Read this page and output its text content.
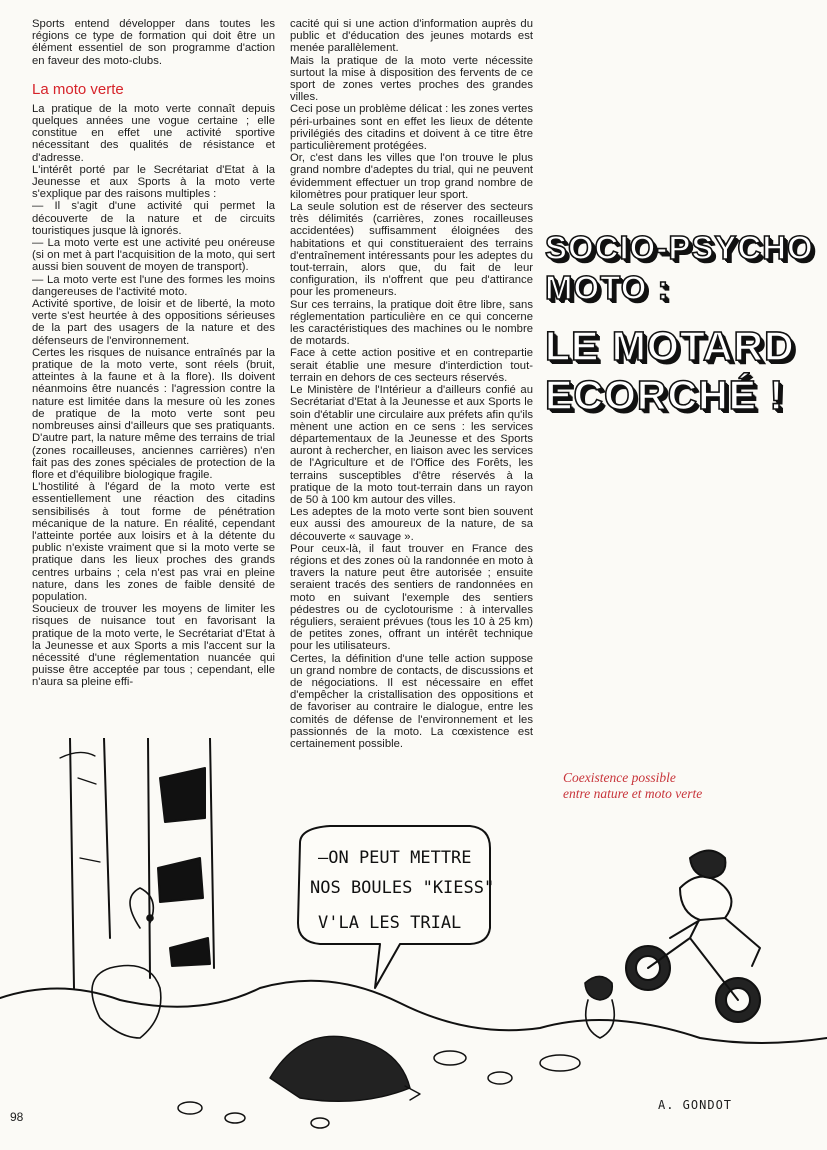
Sports entend développer dans toutes les régions ce type de formation qui doit être un élément essentiel de son programme d'action en faveur des moto-clubs.

La moto verte

La pratique de la moto verte connaît depuis quelques années une vogue certaine ; elle constitue en effet une activité sportive nécessitant des qualités de résistance et d'adresse.

L'intérêt porté par le Secrétariat d'Etat à la Jeunesse et aux Sports à la moto verte s'explique par des raisons multiples :

— Il s'agit d'une activité qui permet la découverte de la nature et de circuits touristiques jusque là ignorés.

— La moto verte est une activité peu onéreuse (si on met à part l'acquisition de la moto, qui sert aussi bien souvent de moyen de transport).

— La moto verte est l'une des formes les moins dangereuses de l'activité moto.

Activité sportive, de loisir et de liberté, la moto verte s'est heurtée à des oppositions sérieuses de la part des usagers de la nature et des défenseurs de l'environnement.

Certes les risques de nuisance entraînés par la pratique de la moto verte, sont réels (bruit, atteintes à la faune et à la flore). Ils doivent néanmoins être nuancés : l'agression contre la nature est limitée dans la mesure où les zones de pratique de la moto verte sont peu nombreuses ainsi d'ailleurs que ses pratiquants. D'autre part, la nature même des terrains de trial (zones rocailleuses, anciennes carrières) n'en fait pas des zones spéciales de protection de la flore et d'équilibre biologique fragile.

L'hostilité à l'égard de la moto verte est essentiellement une réaction des citadins sensibilisés à tout forme de pénétration mécanique de la nature. En réalité, cependant l'atteinte portée aux loisirs et à la détente du public n'existe vraiment que si la moto verte se pratique dans les lieux proches des grands centres urbains ; cela n'est pas vrai en pleine nature, dans les zones de faible densité de population.

Soucieux de trouver les moyens de limiter les risques de nuisance tout en favorisant la pratique de la moto verte, le Secrétariat d'Etat à la Jeunesse et aux Sports a mis l'accent sur la nécessité d'une réglementation nuancée qui puisse être acceptée par tous ; cependant, elle n'aura sa pleine effi-

cacité qui si une action d'information auprès du public et d'éducation des jeunes motards est menée parallèlement.

Mais la pratique de la moto verte nécessite surtout la mise à disposition des fervents de ce sport de zones vertes proches des grandes villes.

Ceci pose un problème délicat : les zones vertes péri-urbaines sont en effet les lieux de détente privilégiés des citadins et doivent à ce titre être particulièrement protégées.

Or, c'est dans les villes que l'on trouve le plus grand nombre d'adeptes du trial, qui ne peuvent évidemment effectuer un trop grand nombre de kilomètres pour pratiquer leur sport.

La seule solution est de réserver des secteurs très délimités (carrières, zones rocailleuses accidentées) suffisamment éloignées des habitations et qui constitueraient des terrains d'entraînement intéressants pour les adeptes du tout-terrain, alors que, du fait de leur configuration, ils n'offrent que peu d'attirance pour les promeneurs.

Sur ces terrains, la pratique doit être libre, sans réglementation particulière en ce qui concerne les caractéristiques des machines ou le nombre de motards.

Face à cette action positive et en contrepartie serait établie une mesure d'interdiction tout-terrain en dehors de ces secteurs réservés.

Le Ministère de l'Intérieur a d'ailleurs confié au Secrétariat d'Etat à la Jeunesse et aux Sports le soin d'établir une circulaire aux préfets afin qu'ils mènent une action en ce sens : les services départementaux de la Jeunesse et des Sports auront à rechercher, en liaison avec les services de l'Agriculture et de l'Office des Forêts, les terrains susceptibles d'être réservés à la pratique de la moto tout-terrain dans un rayon de 50 à 100 km autour des villes.

Les adeptes de la moto verte sont bien souvent eux aussi des amoureux de la nature, de sa découverte « sauvage ».

Pour ceux-là, il faut trouver en France des régions et des zones où la randonnée en moto à travers la nature peut être autorisée ; ensuite seraient tracés des sentiers de randonnées en moto en suivant l'exemple des sentiers pédestres ou de cyclotourisme : à intervalles réguliers, seraient prévues (tous les 10 à 25 km) de petites zones, offrant un intérêt technique pour les utilisateurs.

Certes, la définition d'une telle action suppose un grand nombre de contacts, de discussions et de négociations. Il est nécessaire en effet d'empêcher la cristallisation des oppositions et de favoriser au contraire le dialogue, entre les comités de défense de l'environnement et les passionnés de la moto. La cœxistence est certainement possible.

SOCIO-PSYCHO
MOTO :
LE MOTARD
ECORCHÉ !
Coexistence possible
entre nature et moto verte
—ON PEUT METTRE
NOS BOULES "KIESS"
V'LA LES TRIAL
98
A. GONDOT
